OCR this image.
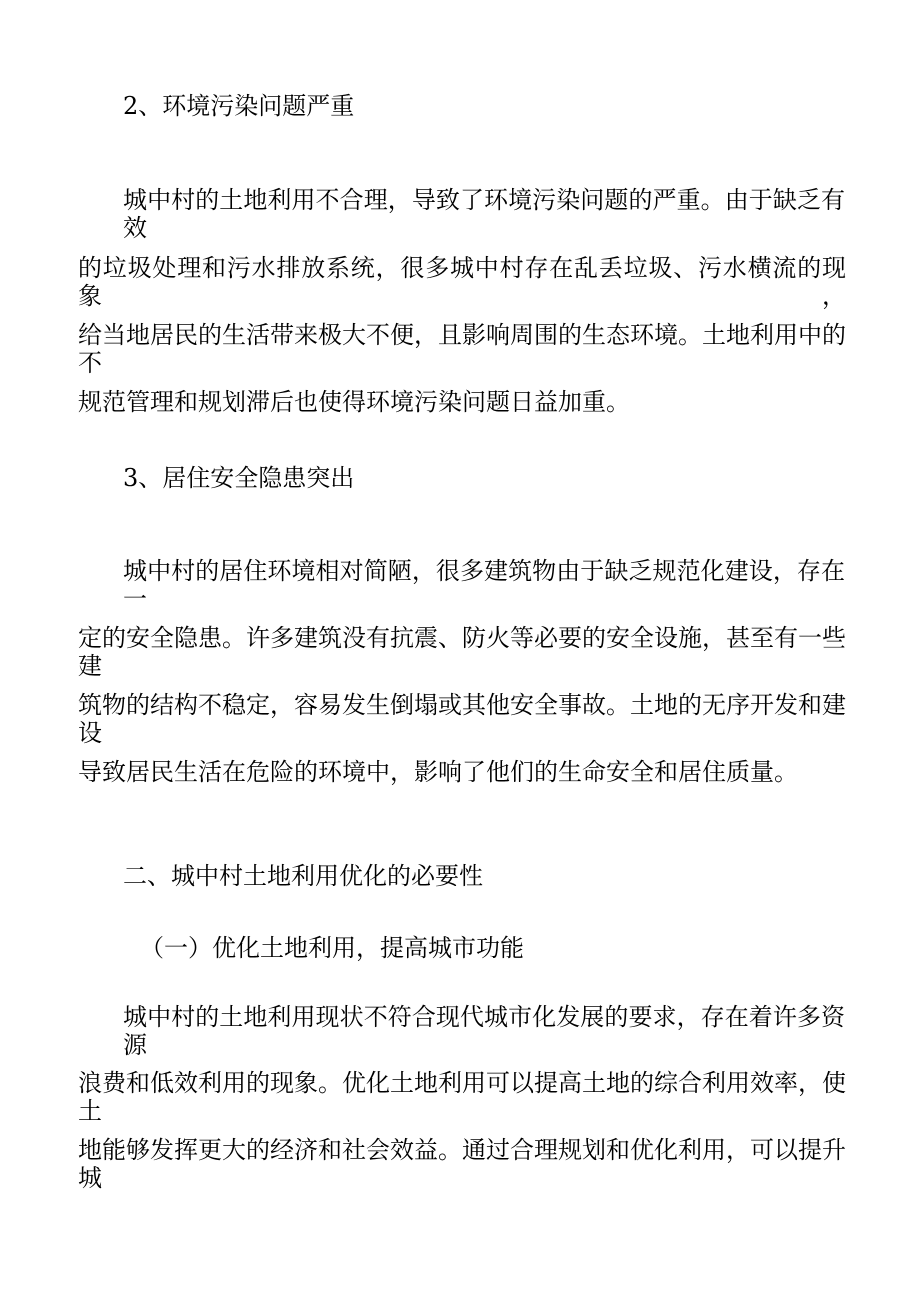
2、环境污染问题严重

城中村的土地利用不合理，导致了环境污染问题的严重。由于缺乏有效

的垃圾处理和污水排放系统，很多城中村存在乱丢垃圾、污水横流的现象，

给当地居民的生活带来极大不便，且影响周围的生态环境。土地利用中的不

规范管理和规划滞后也使得环境污染问题日益加重。

3、居住安全隐患突出

城中村的居住环境相对简陋，很多建筑物由于缺乏规范化建设，存在一

定的安全隐患。许多建筑没有抗震、防火等必要的安全设施，甚至有一些建

筑物的结构不稳定，容易发生倒塌或其他安全事故。土地的无序开发和建设

导致居民生活在危险的环境中，影响了他们的生命安全和居住质量。

二、城中村土地利用优化的必要性

（一）优化土地利用，提高城市功能

城中村的土地利用现状不符合现代城市化发展的要求，存在着许多资源

浪费和低效利用的现象。优化土地利用可以提高土地的综合利用效率，使土

地能够发挥更大的经济和社会效益。通过合理规划和优化利用，可以提升城
